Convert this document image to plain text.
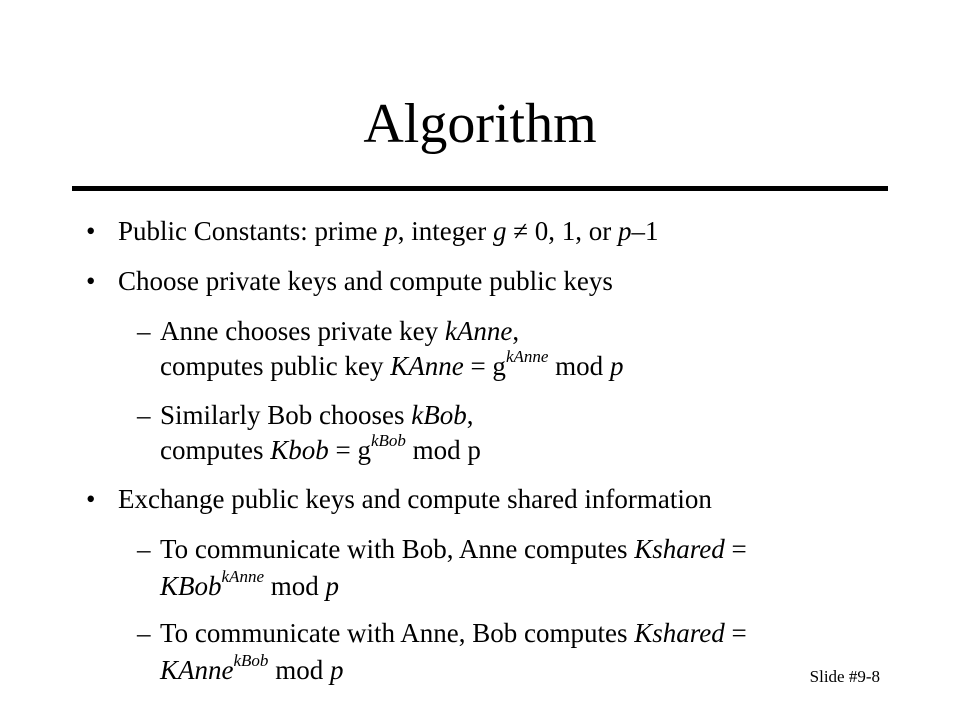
Algorithm
• Public Constants: prime p, integer g ≠ 0, 1, or p–1
• Choose private keys and compute public keys
– Anne chooses private key kAnne,
computes public key KAnne = $g^{kAnne}$ mod p
– Similarly Bob chooses kBob,
computes Kbob = $g^{kBob}$ mod p
• Exchange public keys and compute shared information
– To communicate with Bob, Anne computes Kshared =
KBob$^{kAnne}$ mod p
– To communicate with Anne, Bob computes Kshared =
KAnne$^{kBob}$ mod p	Slide #9-8
